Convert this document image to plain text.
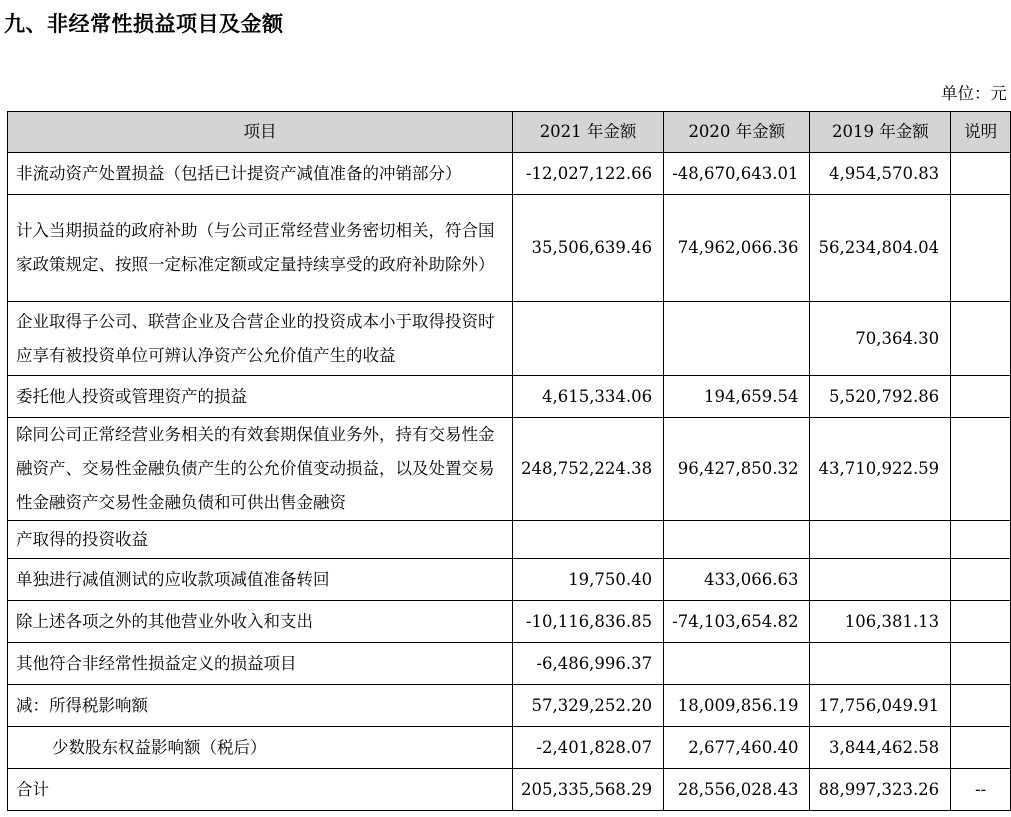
九、非经常性损益项目及金额
单位：元
项目	2021 年金额	2020 年金额	2019 年金额	说明
非流动资产处置损益（包括已计提资产减值准备的冲销部分）	-12,027,122.66	-48,670,643.01	4,954,570.83	
计入当期损益的政府补助（与公司正常经营业务密切相关，符合国家政策规定、按照一定标准定额或定量持续享受的政府补助除外）	35,506,639.46	74,962,066.36	56,234,804.04	
企业取得子公司、联营企业及合营企业的投资成本小于取得投资时应享有被投资单位可辨认净资产公允价值产生的收益			70,364.30	
委托他人投资或管理资产的损益	4,615,334.06	194,659.54	5,520,792.86	
除同公司正常经营业务相关的有效套期保值业务外，持有交易性金融资产、交易性金融负债产生的公允价值变动损益，以及处置交易性金融资产交易性金融负债和可供出售金融资	248,752,224.38	96,427,850.32	43,710,922.59	
产取得的投资收益				
单独进行减值测试的应收款项减值准备转回	19,750.40	433,066.63		
除上述各项之外的其他营业外收入和支出	-10,116,836.85	-74,103,654.82	106,381.13	
其他符合非经常性损益定义的损益项目	-6,486,996.37			
减：所得税影响额	57,329,252.20	18,009,856.19	17,756,049.91	
少数股东权益影响额（税后）	-2,401,828.07	2,677,460.40	3,844,462.58	
合计	205,335,568.29	28,556,028.43	88,997,323.26	--
